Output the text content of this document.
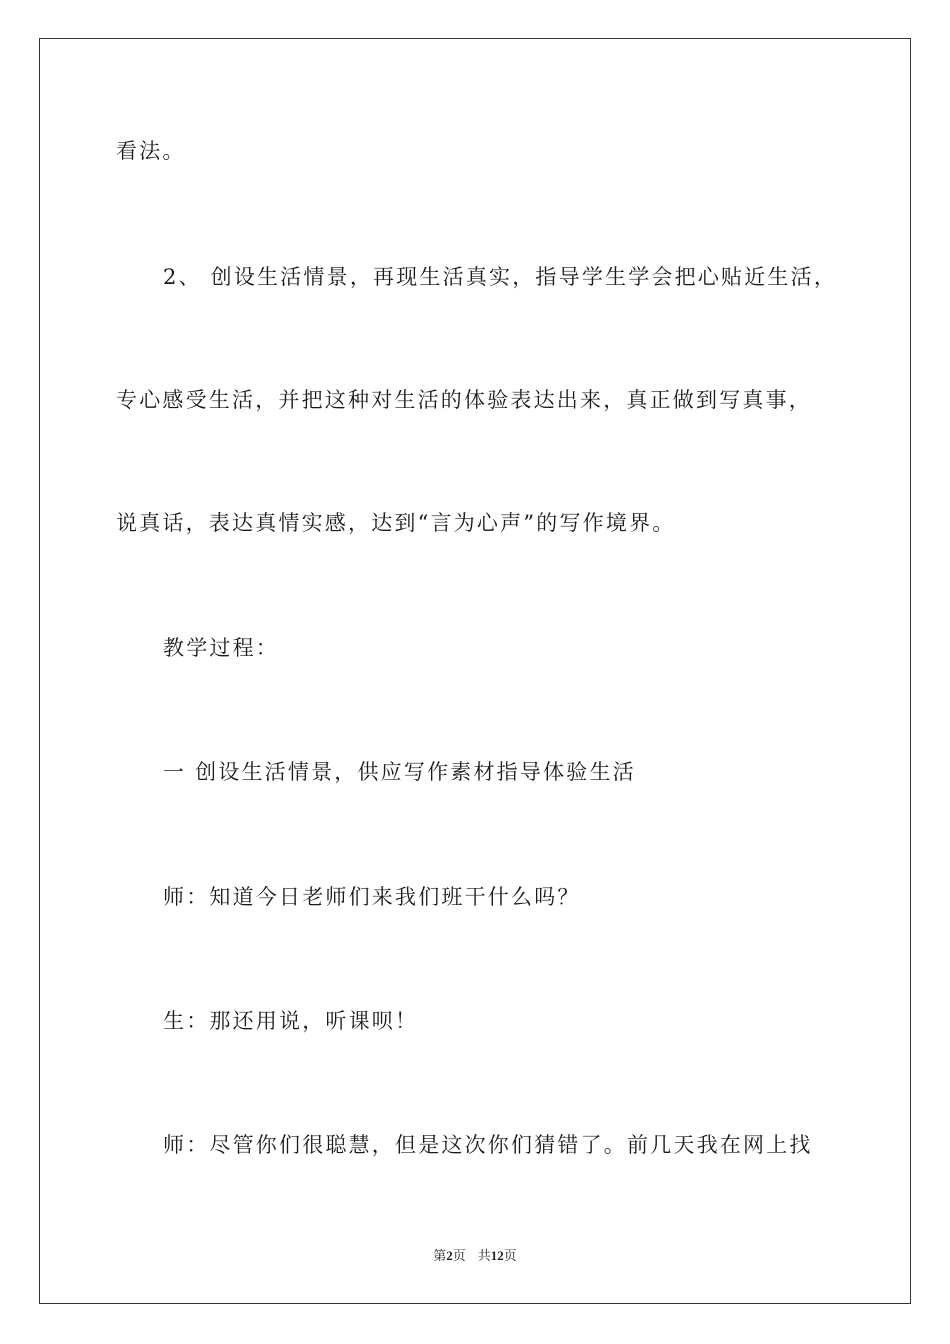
看法。
2、 创设生活情景，再现生活真实，指导学生学会把心贴近生活，
专心感受生活，并把这种对生活的体验表达出来，真正做到写真事，
说真话，表达真情实感，达到“言为心声”的写作境界。
教学过程：
一 创设生活情景，供应写作素材指导体验生活
师：知道今日老师们来我们班干什么吗？
生：那还用说，听课呗！
师：尽管你们很聪慧，但是这次你们猜错了。前几天我在网上找
第2页 共12页
